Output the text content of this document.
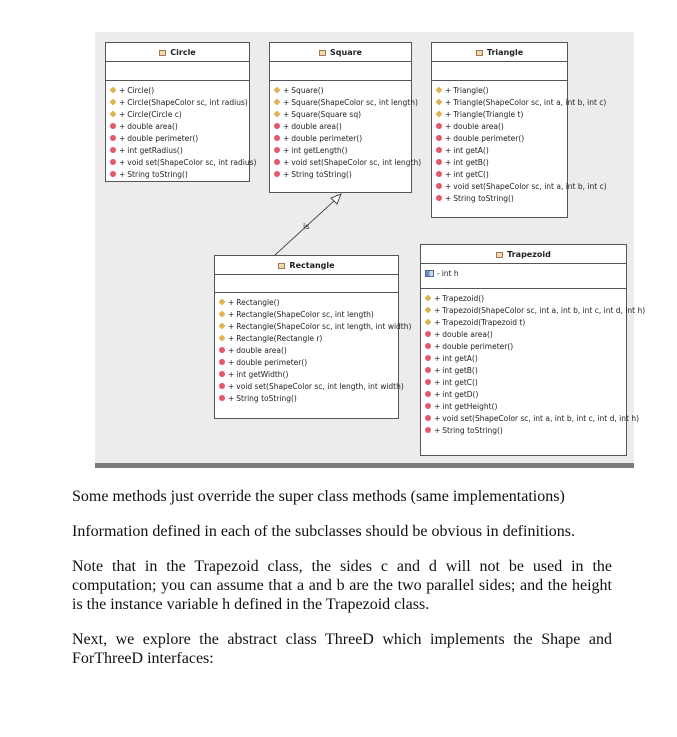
Circle
+ Circle()
+ Circle(ShapeColor sc, int radius)
+ Circle(Circle c)
+ double area()
+ double perimeter()
+ int getRadius()
+ void set(ShapeColor sc, int radius)
+ String toString()
Square
+ Square()
+ Square(ShapeColor sc, int length)
+ Square(Square sq)
+ double area()
+ double perimeter()
+ int getLength()
+ void set(ShapeColor sc, int length)
+ String toString()
Triangle
+ Triangle()
+ Triangle(ShapeColor sc, int a, int b, int c)
+ Triangle(Triangle t)
+ double area()
+ double perimeter()
+ int getA()
+ int getB()
+ int getC()
+ void set(ShapeColor sc, int a, int b, int c)
+ String toString()
Rectangle
+ Rectangle()
+ Rectangle(ShapeColor sc, int length)
+ Rectangle(ShapeColor sc, int length, int width)
+ Rectangle(Rectangle r)
+ double area()
+ double perimeter()
+ int getWidth()
+ void set(ShapeColor sc, int length, int width)
+ String toString()
Trapezoid
- int h
+ Trapezoid()
+ Trapezoid(ShapeColor sc, int a, int b, int c, int d, int h)
+ Trapezoid(Trapezoid t)
+ double area()
+ double perimeter()
+ int getA()
+ int getB()
+ int getC()
+ int getD()
+ int getHeight()
+ void set(ShapeColor sc, int a, int b, int c, int d, int h)
+ String toString()
is

Some methods just override the super class methods (same implementations)

Information defined in each of the subclasses should be obvious in definitions.

Note that in the Trapezoid class, the sides c and d will not be used in the computation; you can assume that a and b are the two parallel sides; and the height is the instance variable h defined in the Trapezoid class.

Next, we explore the abstract class ThreeD which implements the Shape and ForThreeD interfaces:
